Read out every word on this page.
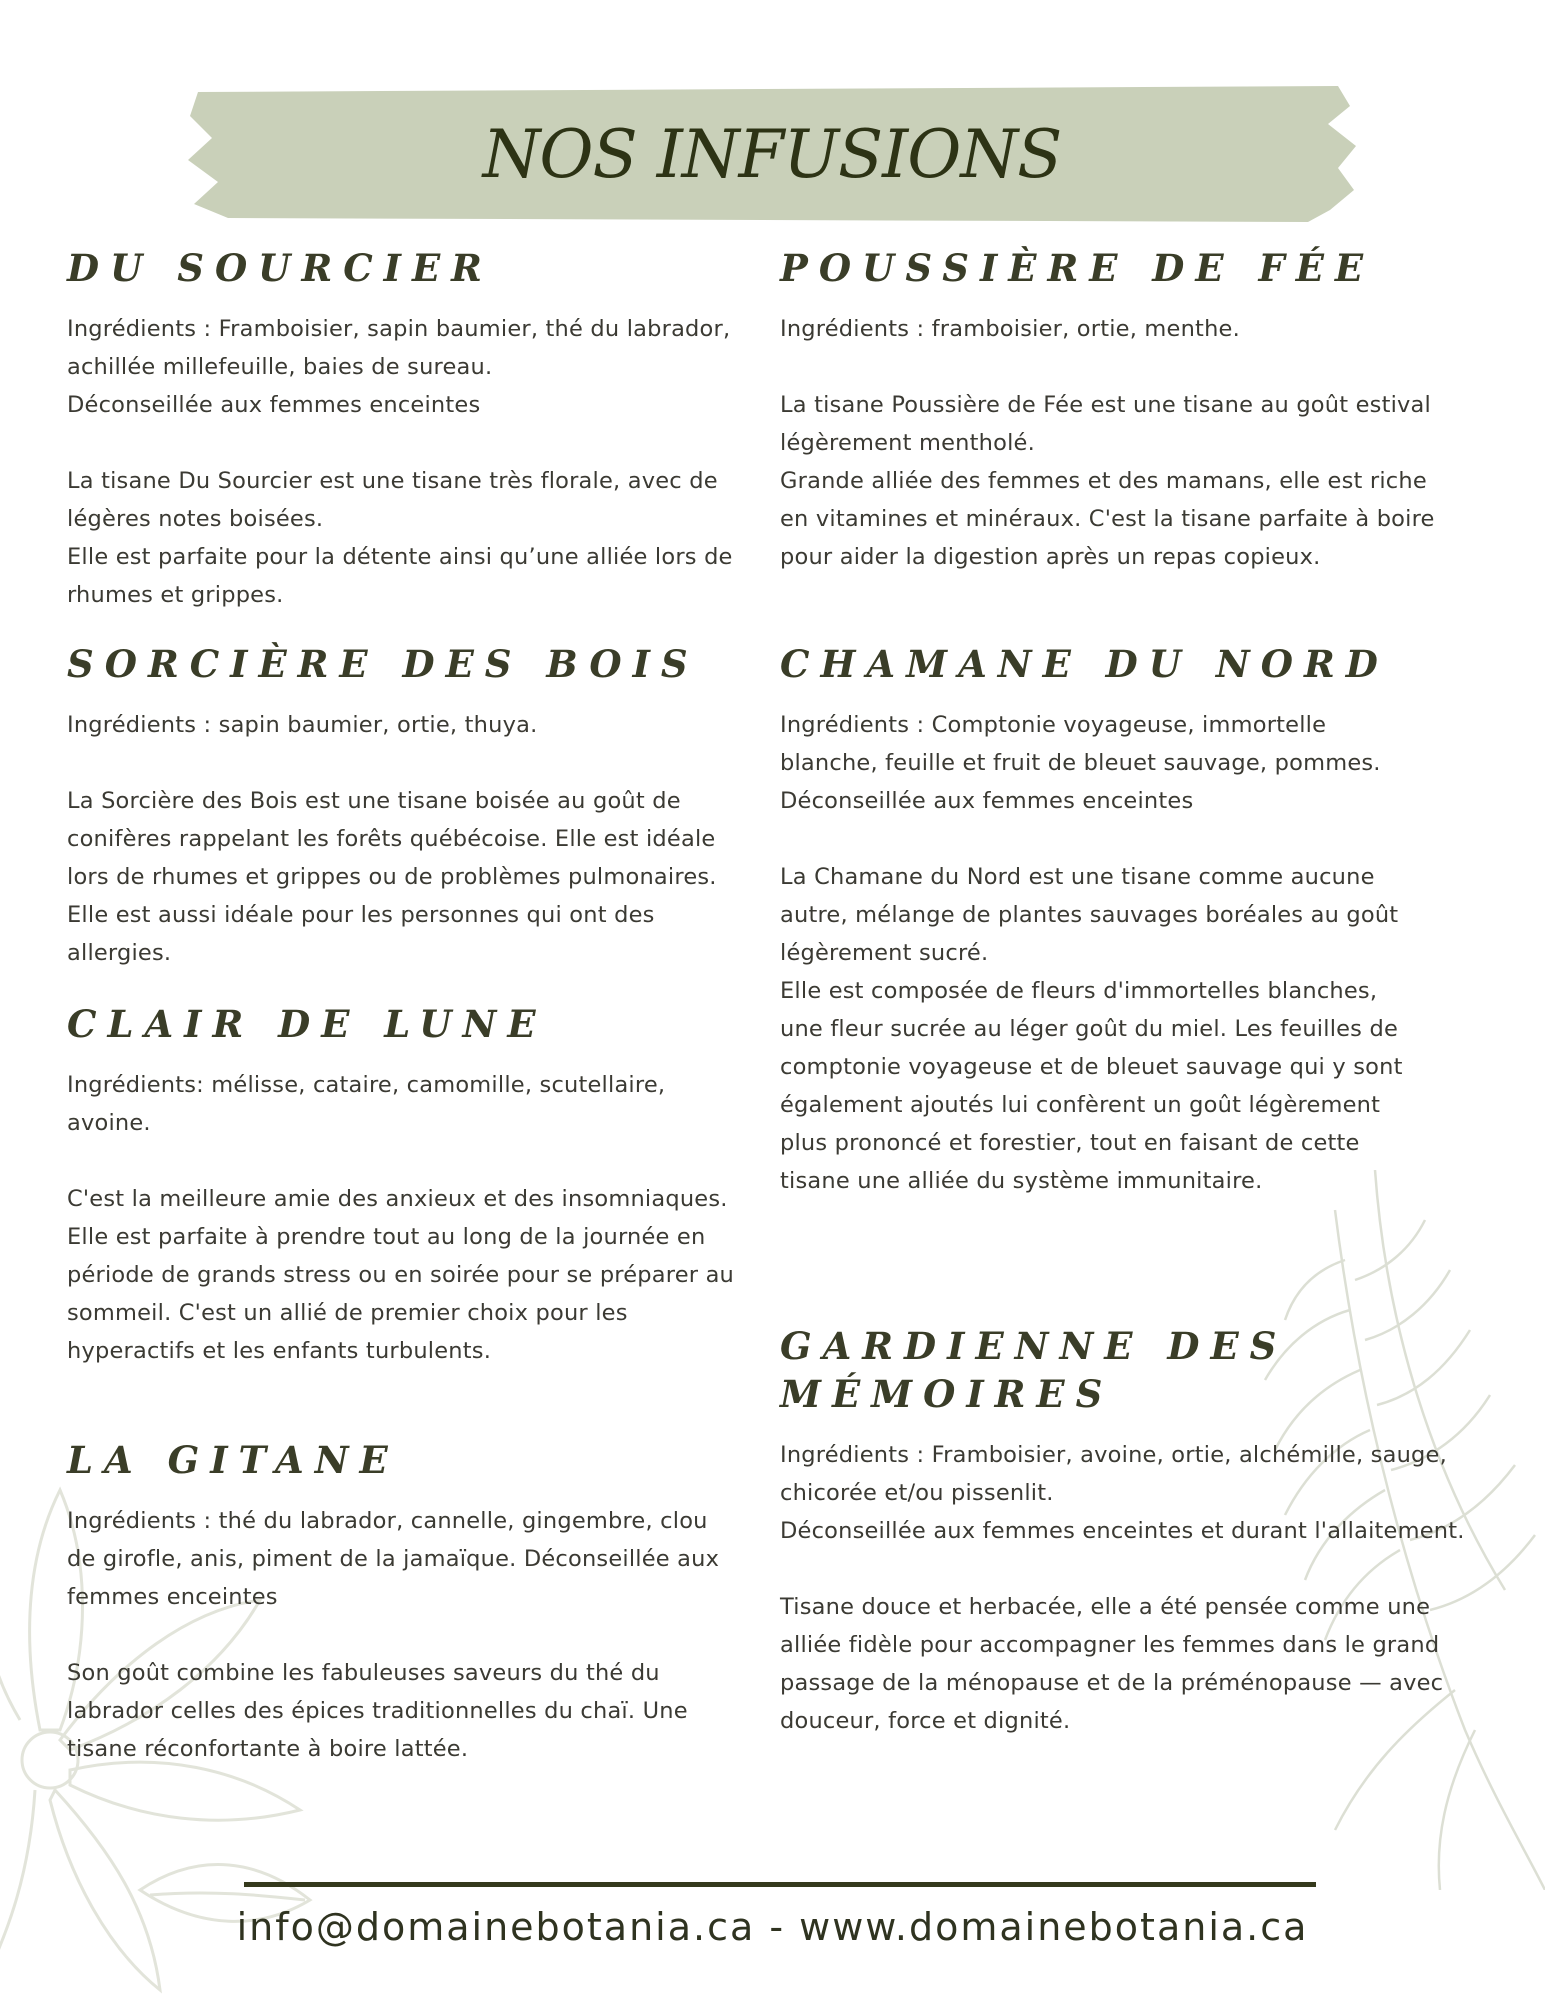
NOS INFUSIONS
DU SOURCIER

Ingrédients : Framboisier, sapin baumier, thé du labrador, achillée millefeuille, baies de sureau.

Déconseillée aux femmes enceintes

La tisane Du Sourcier est une tisane très florale, avec de légères notes boisées.

Elle est parfaite pour la détente ainsi qu’une alliée lors de rhumes et grippes.

SORCIÈRE DES BOIS

Ingrédients : sapin baumier, ortie, thuya.

La Sorcière des Bois est une tisane boisée au goût de conifères rappelant les forêts québécoise. Elle est idéale lors de rhumes et grippes ou de problèmes pulmonaires. Elle est aussi idéale pour les personnes qui ont des allergies.

CLAIR DE LUNE

Ingrédients: mélisse, cataire, camomille, scutellaire, avoine.

C'est la meilleure amie des anxieux et des insomniaques. Elle est parfaite à prendre tout au long de la journée en période de grands stress ou en soirée pour se préparer au sommeil. C'est un allié de premier choix pour les hyperactifs et les enfants turbulents.

LA GITANE

Ingrédients : thé du labrador, cannelle, gingembre, clou de girofle, anis, piment de la jamaïque. Déconseillée aux femmes enceintes

Son goût combine les fabuleuses saveurs du thé du labrador celles des épices traditionnelles du chaï. Une tisane réconfortante à boire lattée.

POUSSIÈRE DE FÉE

Ingrédients : framboisier, ortie, menthe.

La tisane Poussière de Fée est une tisane au goût estival légèrement mentholé.

Grande alliée des femmes et des mamans, elle est riche en vitamines et minéraux. C'est la tisane parfaite à boire pour aider la digestion après un repas copieux.

CHAMANE DU NORD

Ingrédients : Comptonie voyageuse, immortelle blanche, feuille et fruit de bleuet sauvage, pommes.

Déconseillée aux femmes enceintes

La Chamane du Nord est une tisane comme aucune autre, mélange de plantes sauvages boréales au goût légèrement sucré.

Elle est composée de fleurs d'immortelles blanches, une fleur sucrée au léger goût du miel. Les feuilles de comptonie voyageuse et de bleuet sauvage qui y sont également ajoutés lui confèrent un goût légèrement plus prononcé et forestier, tout en faisant de cette tisane une alliée du système immunitaire.

GARDIENNE DES MÉMOIRES

Ingrédients : Framboisier, avoine, ortie, alchémille, sauge, chicorée et/ou pissenlit.

Déconseillée aux femmes enceintes et durant l'allaitement.

Tisane douce et herbacée, elle a été pensée comme une alliée fidèle pour accompagner les femmes dans le grand passage de la ménopause et de la préménopause — avec douceur, force et dignité.

info@domainebotania.ca - www.domainebotania.ca
